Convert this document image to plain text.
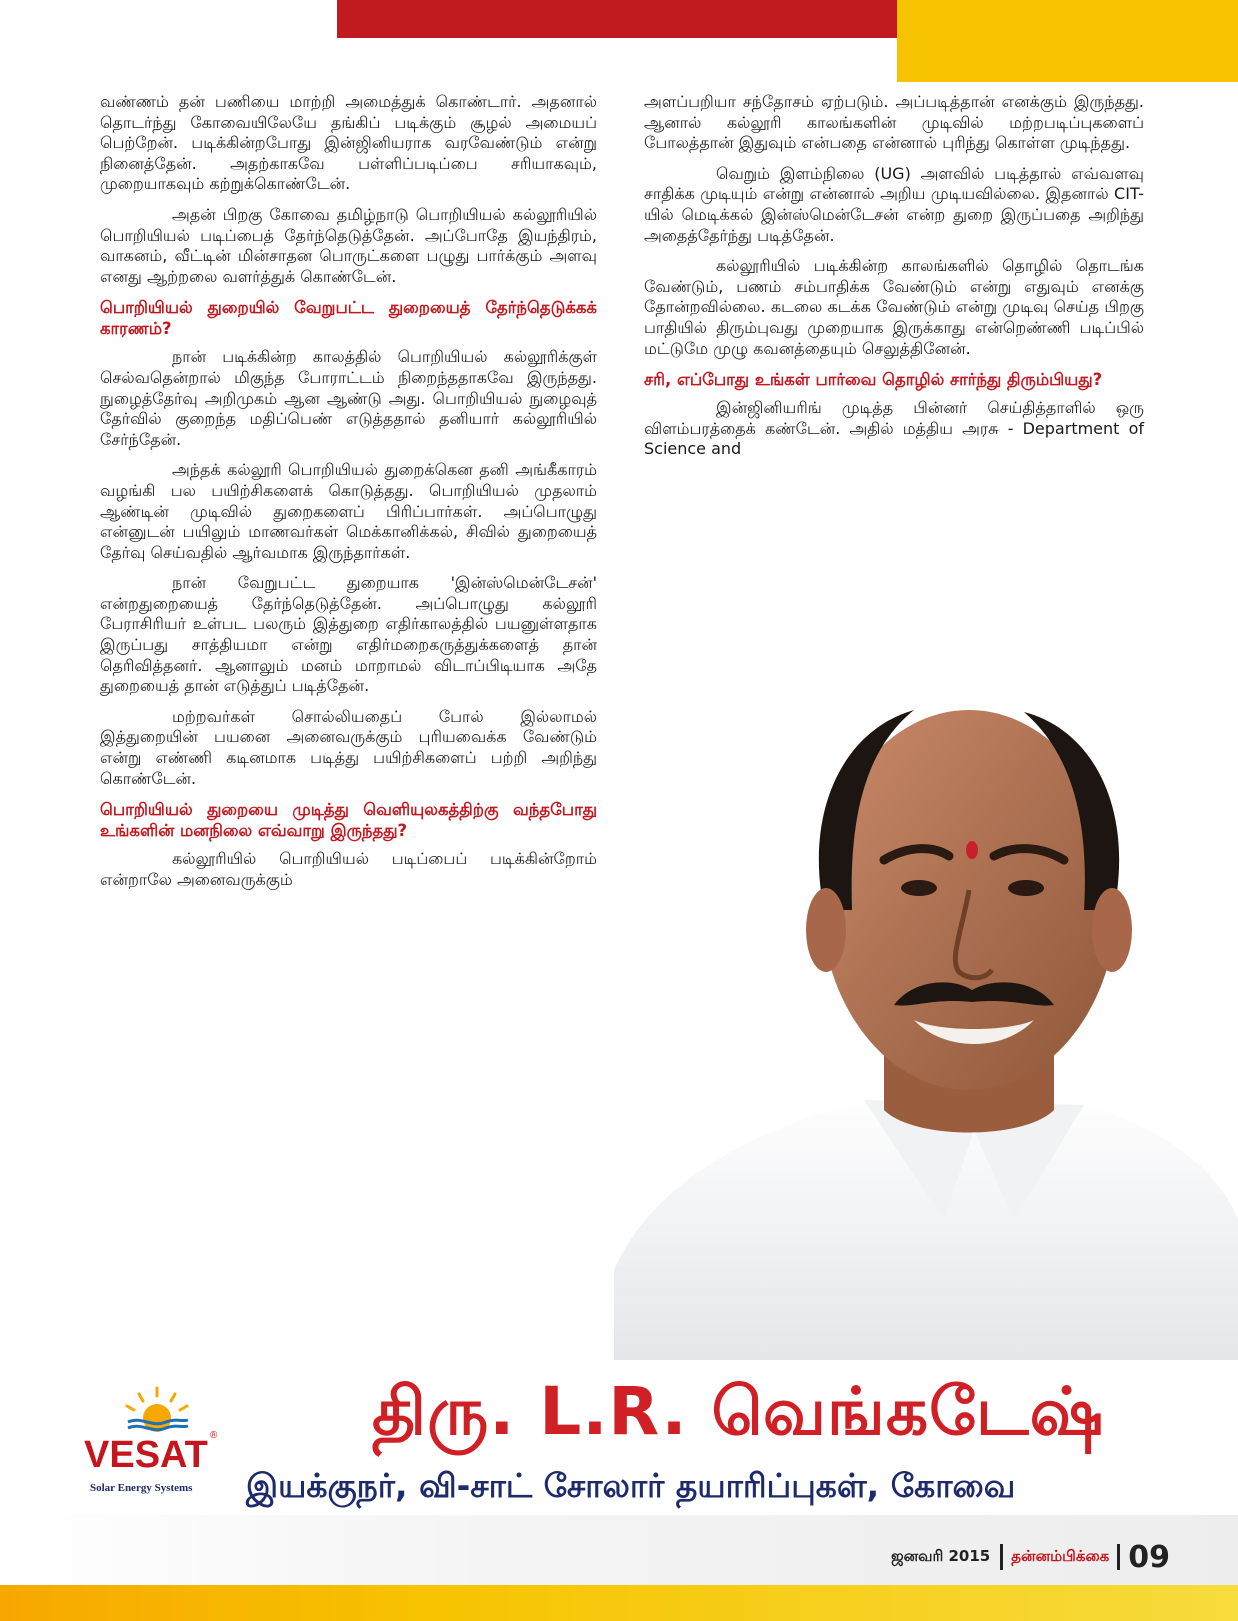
வண்ணம் தன் பணியை மாற்றி அமைத்துக் கொண்டார். அதனால் தொடர்ந்து கோவையிலேயே தங்கிப் படிக்கும் சூழல் அமையப் பெற்றேன். படிக்கின்றபோது இன்ஜினியராக வரவேண்டும் என்று நினைத்தேன். அதற்காகவே பள்ளிப்படிப்பை சரியாகவும், முறையாகவும் கற்றுக்கொண்டேன்.

அதன் பிறகு கோவை தமிழ்நாடு பொறியியல் கல்லூரியில் பொறியியல் படிப்பைத் தேர்ந்தெடுத்தேன். அப்போதே இயந்திரம், வாகனம், வீட்டின் மின்சாதன பொருட்களை பழுது பார்க்கும் அளவு எனது ஆற்றலை வளர்த்துக் கொண்டேன்.

பொறியியல் துறையில் வேறுபட்ட துறையைத் தேர்ந்தெடுக்கக் காரணம்?

நான் படிக்கின்ற காலத்தில் பொறியியல் கல்லூரிக்குள் செல்வதென்றால் மிகுந்த போராட்டம் நிறைந்ததாகவே இருந்தது. நுழைத்தேர்வு அறிமுகம் ஆன ஆண்டு அது. பொறியியல் நுழைவுத் தேர்வில் குறைந்த மதிப்பெண் எடுத்ததால் தனியார் கல்லூரியில் சேர்ந்தேன்.

அந்தக் கல்லூரி பொறியியல் துறைக்கென தனி அங்கீகாரம் வழங்கி பல பயிற்சிகளைக் கொடுத்தது. பொறியியல் முதலாம் ஆண்டின் முடிவில் துறைகளைப் பிரிப்பார்கள். அப்பொழுது என்னுடன் பயிலும் மாணவர்கள் மெக்கானிக்கல், சிவில் துறையைத் தேர்வு செய்வதில் ஆர்வமாக இருந்தார்கள்.

நான் வேறுபட்ட துறையாக 'இன்ஸ்மென்டேசன்' என்றதுறையைத் தேர்ந்தெடுத்தேன். அப்பொழுது கல்லூரி பேராசிரியர் உள்பட பலரும் இத்துறை எதிர்காலத்தில் பயனுள்ளதாக இருப்பது சாத்தியமா என்று எதிர்மறைகருத்துக்களைத் தான் தெரிவித்தனர். ஆனாலும் மனம் மாறாமல் விடாப்பிடியாக அதே துறையைத் தான் எடுத்துப் படித்தேன்.

மற்றவர்கள் சொல்லியதைப் போல் இல்லாமல் இத்துறையின் பயனை அனைவருக்கும் புரியவைக்க வேண்டும் என்று எண்ணி கடினமாக படித்து பயிற்சிகளைப் பற்றி அறிந்து கொண்டேன்.

பொறியியல் துறையை முடித்து வெளியுலகத்திற்கு வந்தபோது உங்களின் மனநிலை எவ்வாறு இருந்தது?

கல்லூரியில் பொறியியல் படிப்பைப் படிக்கின்றோம் என்றாலே அனைவருக்கும்

அளப்பறியா சந்தோசம் ஏற்படும். அப்படித்தான் எனக்கும் இருந்தது. ஆனால் கல்லூரி காலங்களின் முடிவில் மற்றபடிப்புகளைப் போலத்தான் இதுவும் என்பதை என்னால் புரிந்து கொள்ள முடிந்தது.

வெறும் இளம்நிலை (UG) அளவில் படித்தால் எவ்வளவு சாதிக்க முடியும் என்று என்னால் அறிய முடியவில்லை. இதனால் CIT-யில் மெடிக்கல் இன்ஸ்மென்டேசன் என்ற துறை இருப்பதை அறிந்து அதைத்தேர்ந்து படித்தேன்.

கல்லூரியில் படிக்கின்ற காலங்களில் தொழில் தொடங்க வேண்டும், பணம் சம்பாதிக்க வேண்டும் என்று எதுவும் எனக்கு தோன்றவில்லை. கடலை கடக்க வேண்டும் என்று முடிவு செய்த பிறகு பாதியில் திரும்புவது முறையாக இருக்காது என்றெண்ணி படிப்பில் மட்டுமே முழு கவனத்தையும் செலுத்தினேன்.

சரி, எப்போது உங்கள் பார்வை தொழில் சார்ந்து திரும்பியது?

இன்ஜினியரிங் முடித்த பின்னர் செய்தித்தாளில் ஒரு விளம்பரத்தைக் கண்டேன். அதில் மத்திய அரசு - Department of Science and

VESAT ®
Solar Energy Systems
திரு. L.R. வெங்கடேஷ்
இயக்குநர், வி-சாட் சோலார் தயாரிப்புகள், கோவை
ஜனவரி 2015 தன்னம்பிக்கை 09
